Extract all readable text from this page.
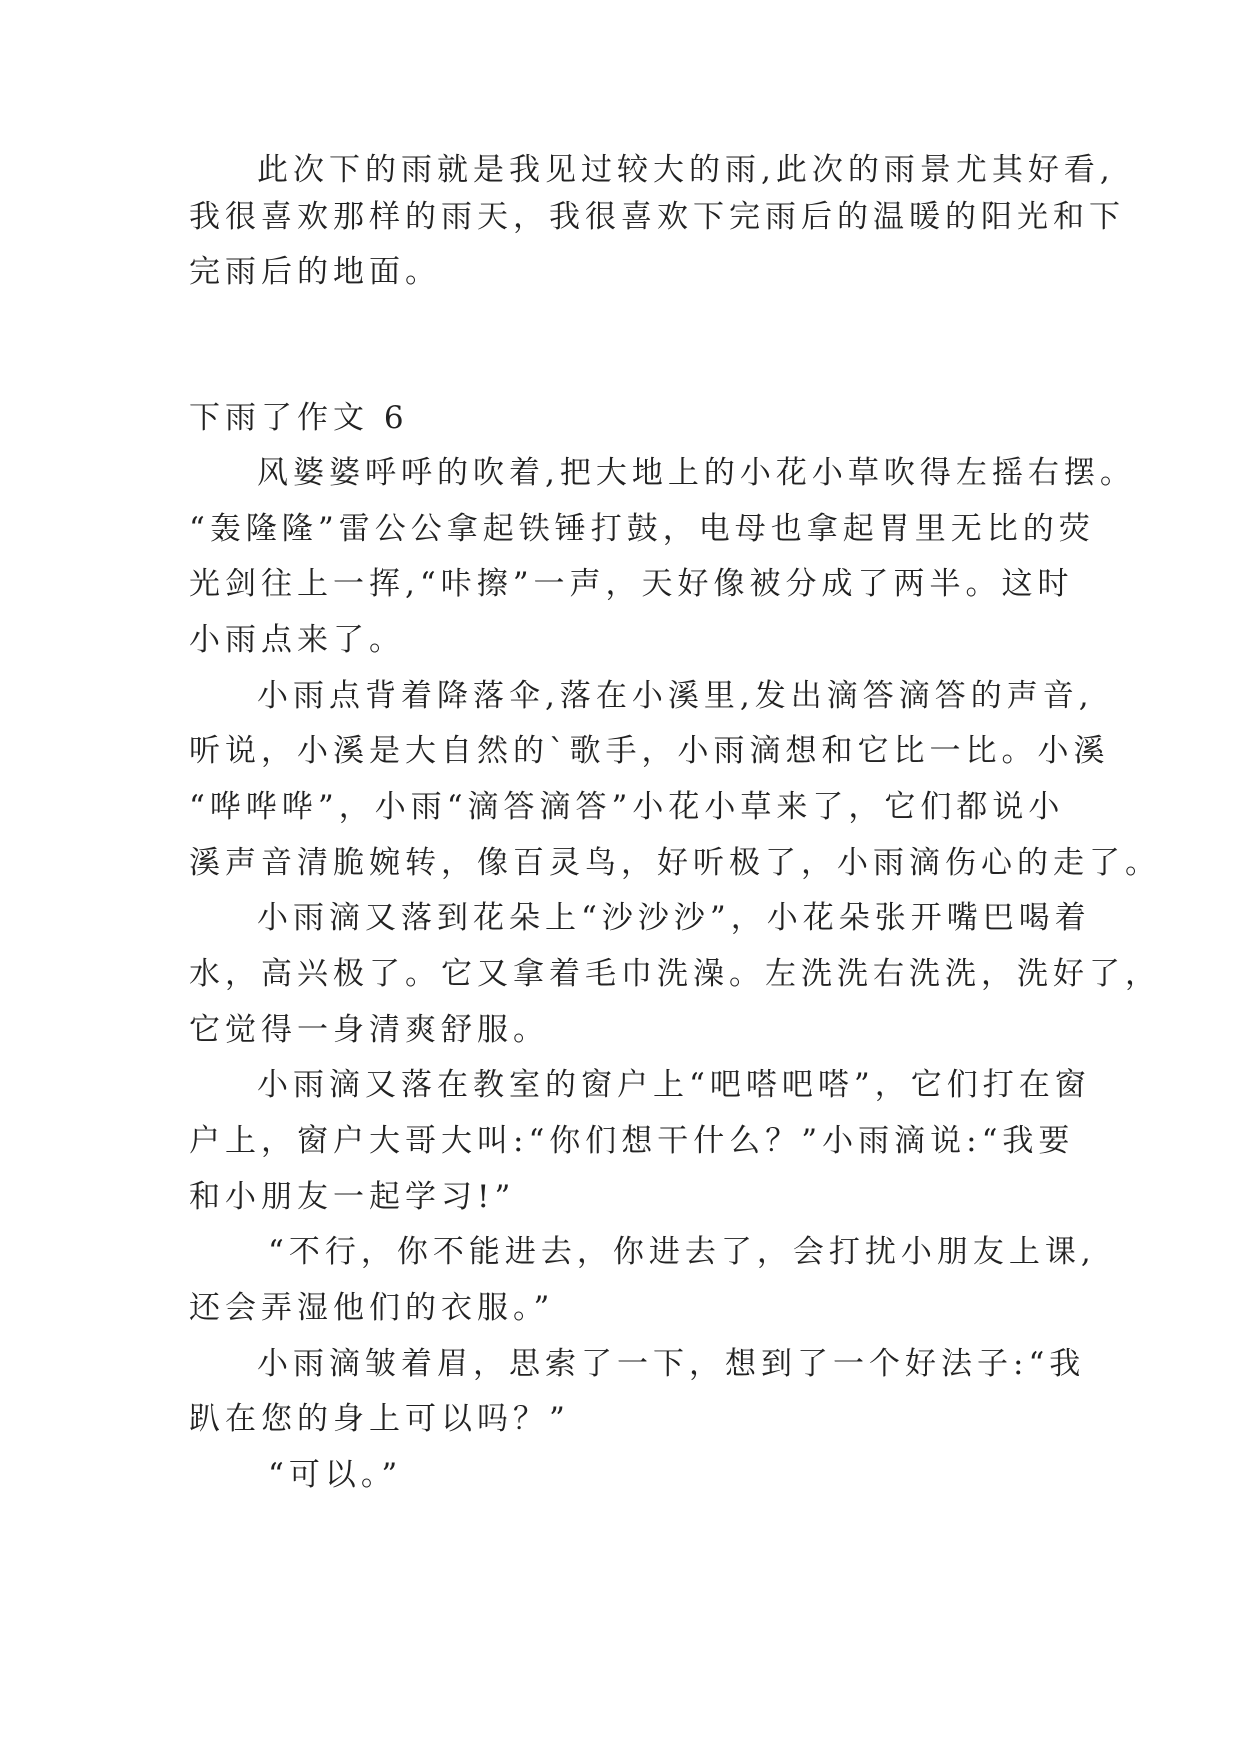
此次下的雨就是我见过较大的雨,此次的雨景尤其好看,
我很喜欢那样的雨天，我很喜欢下完雨后的温暖的阳光和下
完雨后的地面。
下雨了作文 6
风婆婆呼呼的吹着,把大地上的小花小草吹得左摇右摆。
“轰隆隆”雷公公拿起铁锤打鼓，电母也拿起胃里无比的荧
光剑往上一挥,“咔擦”一声，天好像被分成了两半。这时
小雨点来了。
小雨点背着降落伞,落在小溪里,发出滴答滴答的声音,
听说，小溪是大自然的`歌手，小雨滴想和它比一比。小溪
“哗哗哗”，小雨“滴答滴答”小花小草来了，它们都说小
溪声音清脆婉转，像百灵鸟，好听极了，小雨滴伤心的走了。
小雨滴又落到花朵上“沙沙沙”，小花朵张开嘴巴喝着
水，高兴极了。它又拿着毛巾洗澡。左洗洗右洗洗，洗好了，
它觉得一身清爽舒服。
小雨滴又落在教室的窗户上“吧嗒吧嗒”，它们打在窗
户上，窗户大哥大叫:“你们想干什么？”小雨滴说:“我要
和小朋友一起学习!”
“不行，你不能进去，你进去了，会打扰小朋友上课,
还会弄湿他们的衣服。”
小雨滴皱着眉，思索了一下，想到了一个好法子:“我
趴在您的身上可以吗？”
“可以。”
